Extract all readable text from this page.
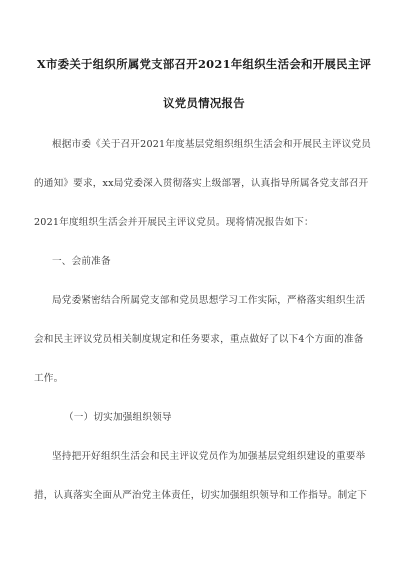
X市委关于组织所属党支部召开2021年组织生活会和开展民主评
议党员情况报告
根据市委《关于召开2021年度基层党组织组织生活会和开展民主评议党员
的通知》要求，xx局党委深入贯彻落实上级部署，认真指导所属各党支部召开
2021年度组织生活会并开展民主评议党员。现将情况报告如下：
一、会前准备
局党委紧密结合所属党支部和党员思想学习工作实际，严格落实组织生活
会和民主评议党员相关制度规定和任务要求，重点做好了以下4个方面的准备
工作。
（一）切实加强组织领导
坚持把开好组织生活会和民主评议党员作为加强基层党组织建设的重要举
措，认真落实全面从严治党主体责任，切实加强组织领导和工作指导。制定下
